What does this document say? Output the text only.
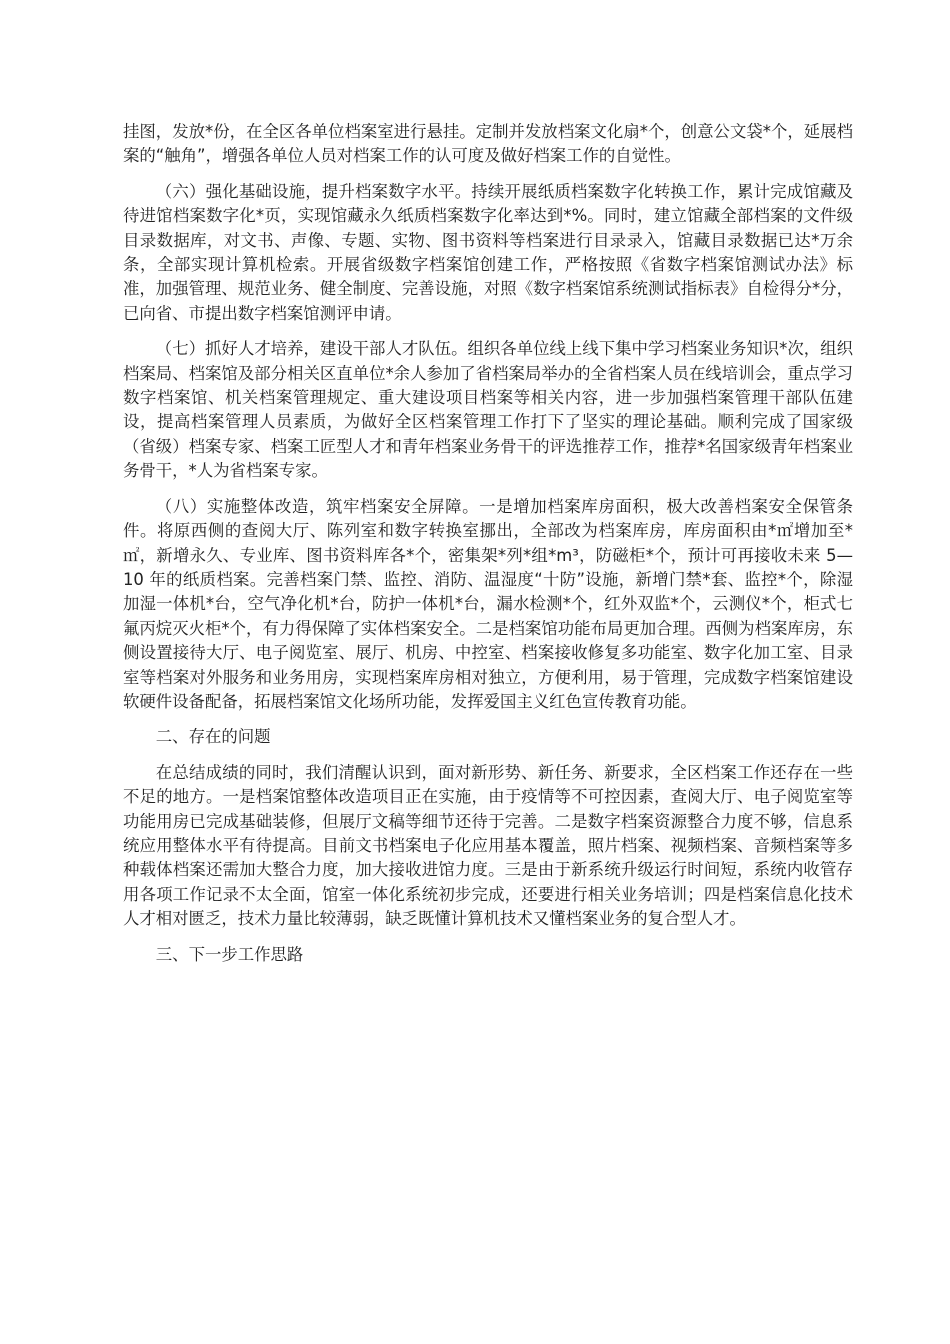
挂图，发放*份，在全区各单位档案室进行悬挂。定制并发放档案文化扇*个，创意公文袋*个，延展档案的“触角”，增强各单位人员对档案工作的认可度及做好档案工作的自觉性。

（六）强化基础设施，提升档案数字水平。持续开展纸质档案数字化转换工作，累计完成馆藏及待进馆档案数字化*页，实现馆藏永久纸质档案数字化率达到*%。同时，建立馆藏全部档案的文件级目录数据库，对文书、声像、专题、实物、图书资料等档案进行目录录入，馆藏目录数据已达*万余条，全部实现计算机检索。开展省级数字档案馆创建工作，严格按照《省数字档案馆测试办法》标准，加强管理、规范业务、健全制度、完善设施，对照《数字档案馆系统测试指标表》自检得分*分，已向省、市提出数字档案馆测评申请。

（七）抓好人才培养，建设干部人才队伍。组织各单位线上线下集中学习档案业务知识*次，组织档案局、档案馆及部分相关区直单位*余人参加了省档案局举办的全省档案人员在线培训会，重点学习数字档案馆、机关档案管理规定、重大建设项目档案等相关内容，进一步加强档案管理干部队伍建设，提高档案管理人员素质，为做好全区档案管理工作打下了坚实的理论基础。顺利完成了国家级（省级）档案专家、档案工匠型人才和青年档案业务骨干的评选推荐工作，推荐*名国家级青年档案业务骨干，*人为省档案专家。

（八）实施整体改造，筑牢档案安全屏障。一是增加档案库房面积，极大改善档案安全保管条件。将原西侧的查阅大厅、陈列室和数字转换室挪出，全部改为档案库房，库房面积由*㎡增加至*㎡，新增永久、专业库、图书资料库各*个，密集架*列*组*m³，防磁柜*个，预计可再接收未来 5—10 年的纸质档案。完善档案门禁、监控、消防、温湿度“十防”设施，新增门禁*套、监控*个，除湿加湿一体机*台，空气净化机*台，防护一体机*台，漏水检测*个，红外双监*个，云测仪*个，柜式七氟丙烷灭火柜*个，有力得保障了实体档案安全。二是档案馆功能布局更加合理。西侧为档案库房，东侧设置接待大厅、电子阅览室、展厅、机房、中控室、档案接收修复多功能室、数字化加工室、目录室等档案对外服务和业务用房，实现档案库房相对独立，方便利用，易于管理，完成数字档案馆建设软硬件设备配备，拓展档案馆文化场所功能，发挥爱国主义红色宣传教育功能。

二、存在的问题

在总结成绩的同时，我们清醒认识到，面对新形势、新任务、新要求，全区档案工作还存在一些不足的地方。一是档案馆整体改造项目正在实施，由于疫情等不可控因素，查阅大厅、电子阅览室等功能用房已完成基础装修，但展厅文稿等细节还待于完善。二是数字档案资源整合力度不够，信息系统应用整体水平有待提高。目前文书档案电子化应用基本覆盖，照片档案、视频档案、音频档案等多种载体档案还需加大整合力度，加大接收进馆力度。三是由于新系统升级运行时间短，系统内收管存用各项工作记录不太全面，馆室一体化系统初步完成，还要进行相关业务培训；四是档案信息化技术人才相对匮乏，技术力量比较薄弱，缺乏既懂计算机技术又懂档案业务的复合型人才。

三、下一步工作思路
